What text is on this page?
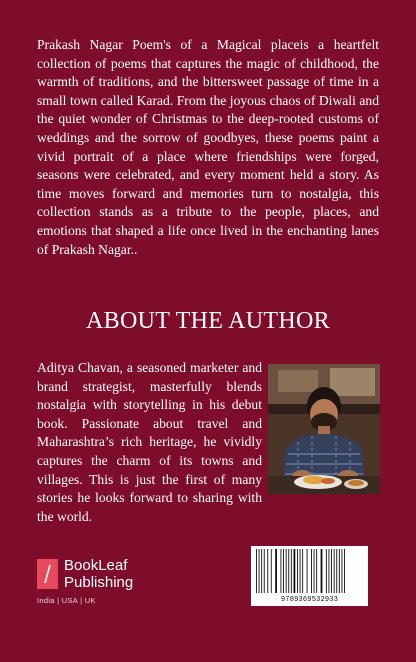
Prakash Nagar Poem's of a Magical placeis a heartfelt collection of poems that captures the magic of childhood, the warmth of traditions, and the bittersweet passage of time in a small town called Karad. From the joyous chaos of Diwali and the quiet wonder of Christmas to the deep-rooted customs of weddings and the sorrow of goodbyes, these poems paint a vivid portrait of a place where friendships were forged, seasons were celebrated, and every moment held a story. As time moves forward and memories turn to nostalgia, this collection stands as a tribute to the people, places, and emotions that shaped a life once lived in the enchanting lanes of Prakash Nagar..
ABOUT THE AUTHOR
Aditya Chavan, a seasoned marketer and brand strategist, masterfully blends nostalgia with storytelling in his debut book. Passionate about travel and Maharashtra’s rich heritage, he vividly captures the charm of its towns and villages. This is just the first of many stories he looks forward to sharing with the world.
BookLeaf
Publishing
India | USA | UK	9789369532933
